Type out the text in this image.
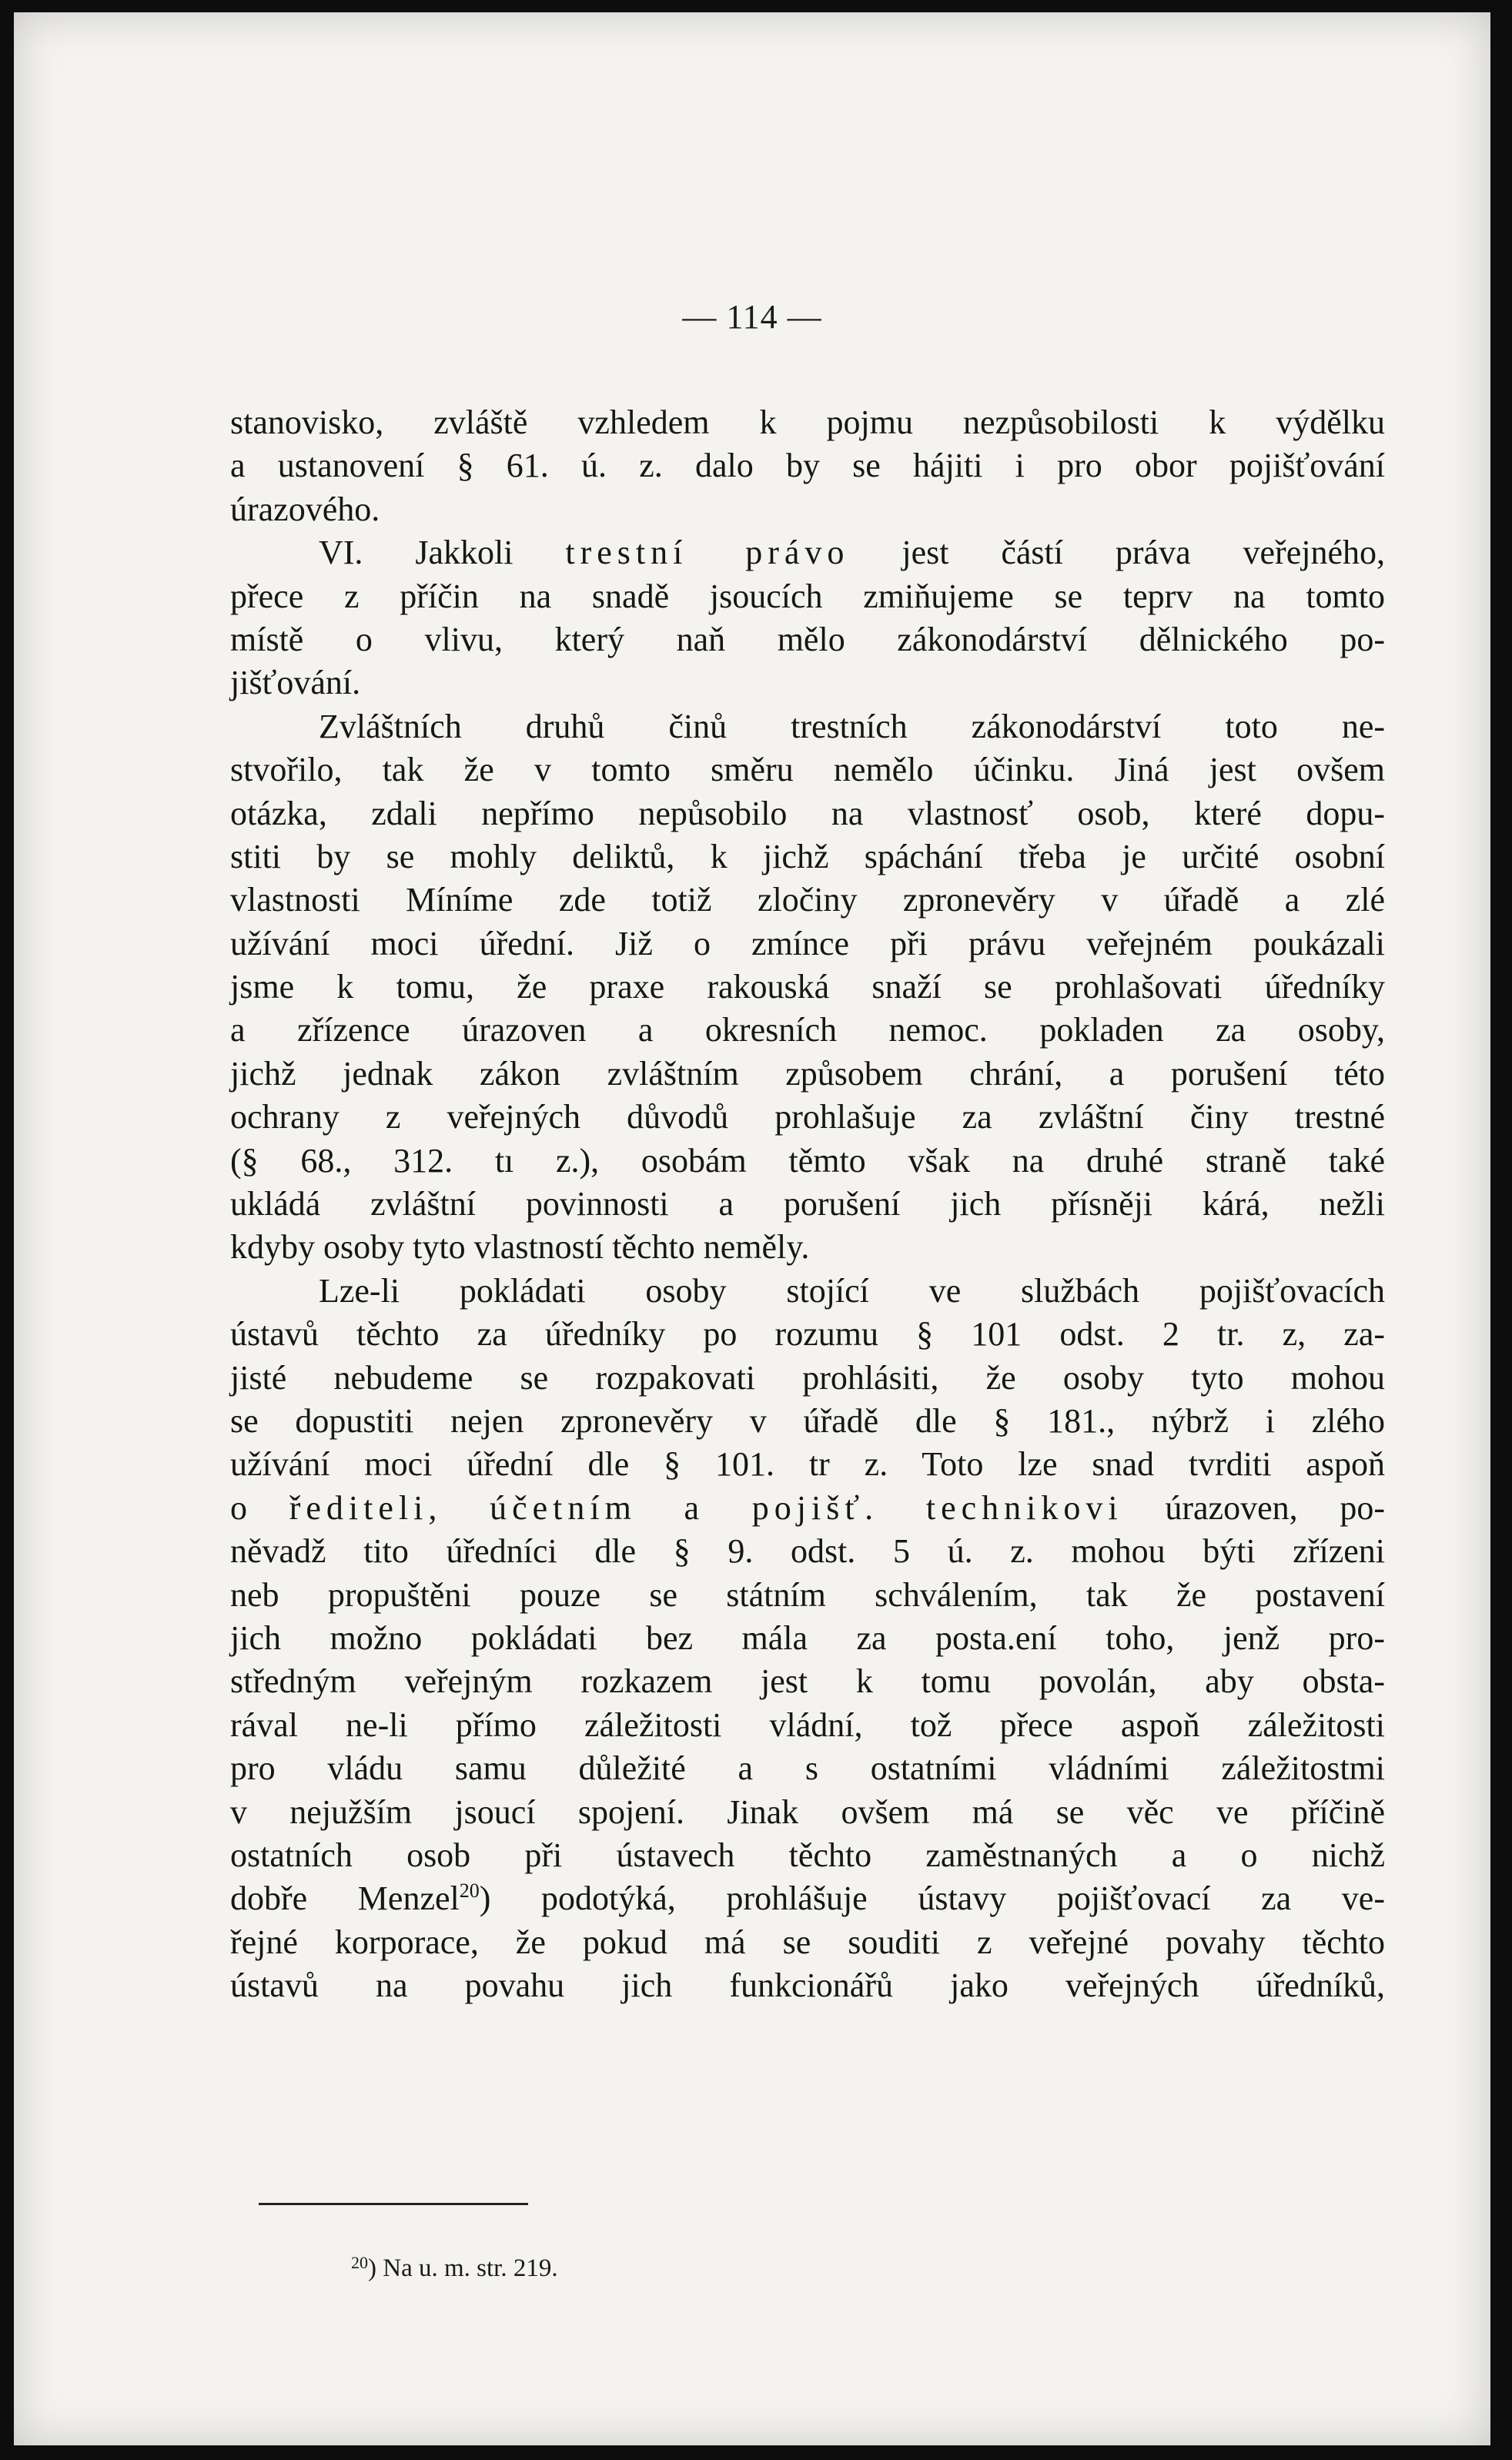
— 114 —
stanovisko, zvláště vzhledem k pojmu nezpůsobilosti k výdělku
a ustanovení § 61. ú. z. dalo by se hájiti i pro obor pojišťování
úrazového.
VI. Jakkoli trestní právo jest částí práva veřejného,
přece z příčin na snadě jsoucích zmiňujeme se teprv na tomto
místě o vlivu, který naň mělo zákonodárství dělnického po-
jišťování.
Zvláštních druhů činů trestních zákonodárství toto ne-
stvořilo, tak že v tomto směru nemělo účinku. Jiná jest ovšem
otázka, zdali nepřímo nepůsobilo na vlastnosť osob, které dopu-
stiti by se mohly deliktů, k jichž spáchání třeba je určité osobní
vlastnosti Míníme zde totiž zločiny zpronevěry v úřadě a zlé
užívání moci úřední. Již o zmínce při právu veřejném poukázali
jsme k tomu, že praxe rakouská snaží se prohlašovati úředníky
a zřízence úrazoven a okresních nemoc. pokladen za osoby,
jichž jednak zákon zvláštním způsobem chrání, a porušení této
ochrany z veřejných důvodů prohlašuje za zvláštní činy trestné
(§ 68., 312. tı z.), osobám těmto však na druhé straně také
ukládá zvláštní povinnosti a porušení jich přísněji kárá, nežli
kdyby osoby tyto vlastností těchto neměly.
Lze-li pokládati osoby stojící ve službách pojišťovacích
ústavů těchto za úředníky po rozumu § 101 odst. 2 tr. z, za-
jisté nebudeme se rozpakovati prohlásiti, že osoby tyto mohou
se dopustiti nejen zpronevěry v úřadě dle § 181., nýbrž i zlého
užívání moci úřední dle § 101. tr z. Toto lze snad tvrditi aspoň
o řediteli, účetním a pojišť. technikovi úrazoven, po-
něvadž tito úředníci dle § 9. odst. 5 ú. z. mohou býti zřízeni
neb propuštěni pouze se státním schválením, tak že postavení
jich možno pokládati bez mála za posta.ení toho, jenž pro-
středným veřejným rozkazem jest k tomu povolán, aby obsta-
rával ne-li přímo záležitosti vládní, tož přece aspoň záležitosti
pro vládu samu důležité a s ostatními vládními záležitostmi
v nejužším jsoucí spojení. Jinak ovšem má se věc ve příčině
ostatních osob při ústavech těchto zaměstnaných a o nichž
dobře Menzel$^{20}$) podotýká, prohlášuje ústavy pojišťovací za ve-
řejné korporace, že pokud má se souditi z veřejné povahy těchto
ústavů na povahu jich funkcionářů jako veřejných úředníků,
$^{20}$) Na u. m. str. 219.
